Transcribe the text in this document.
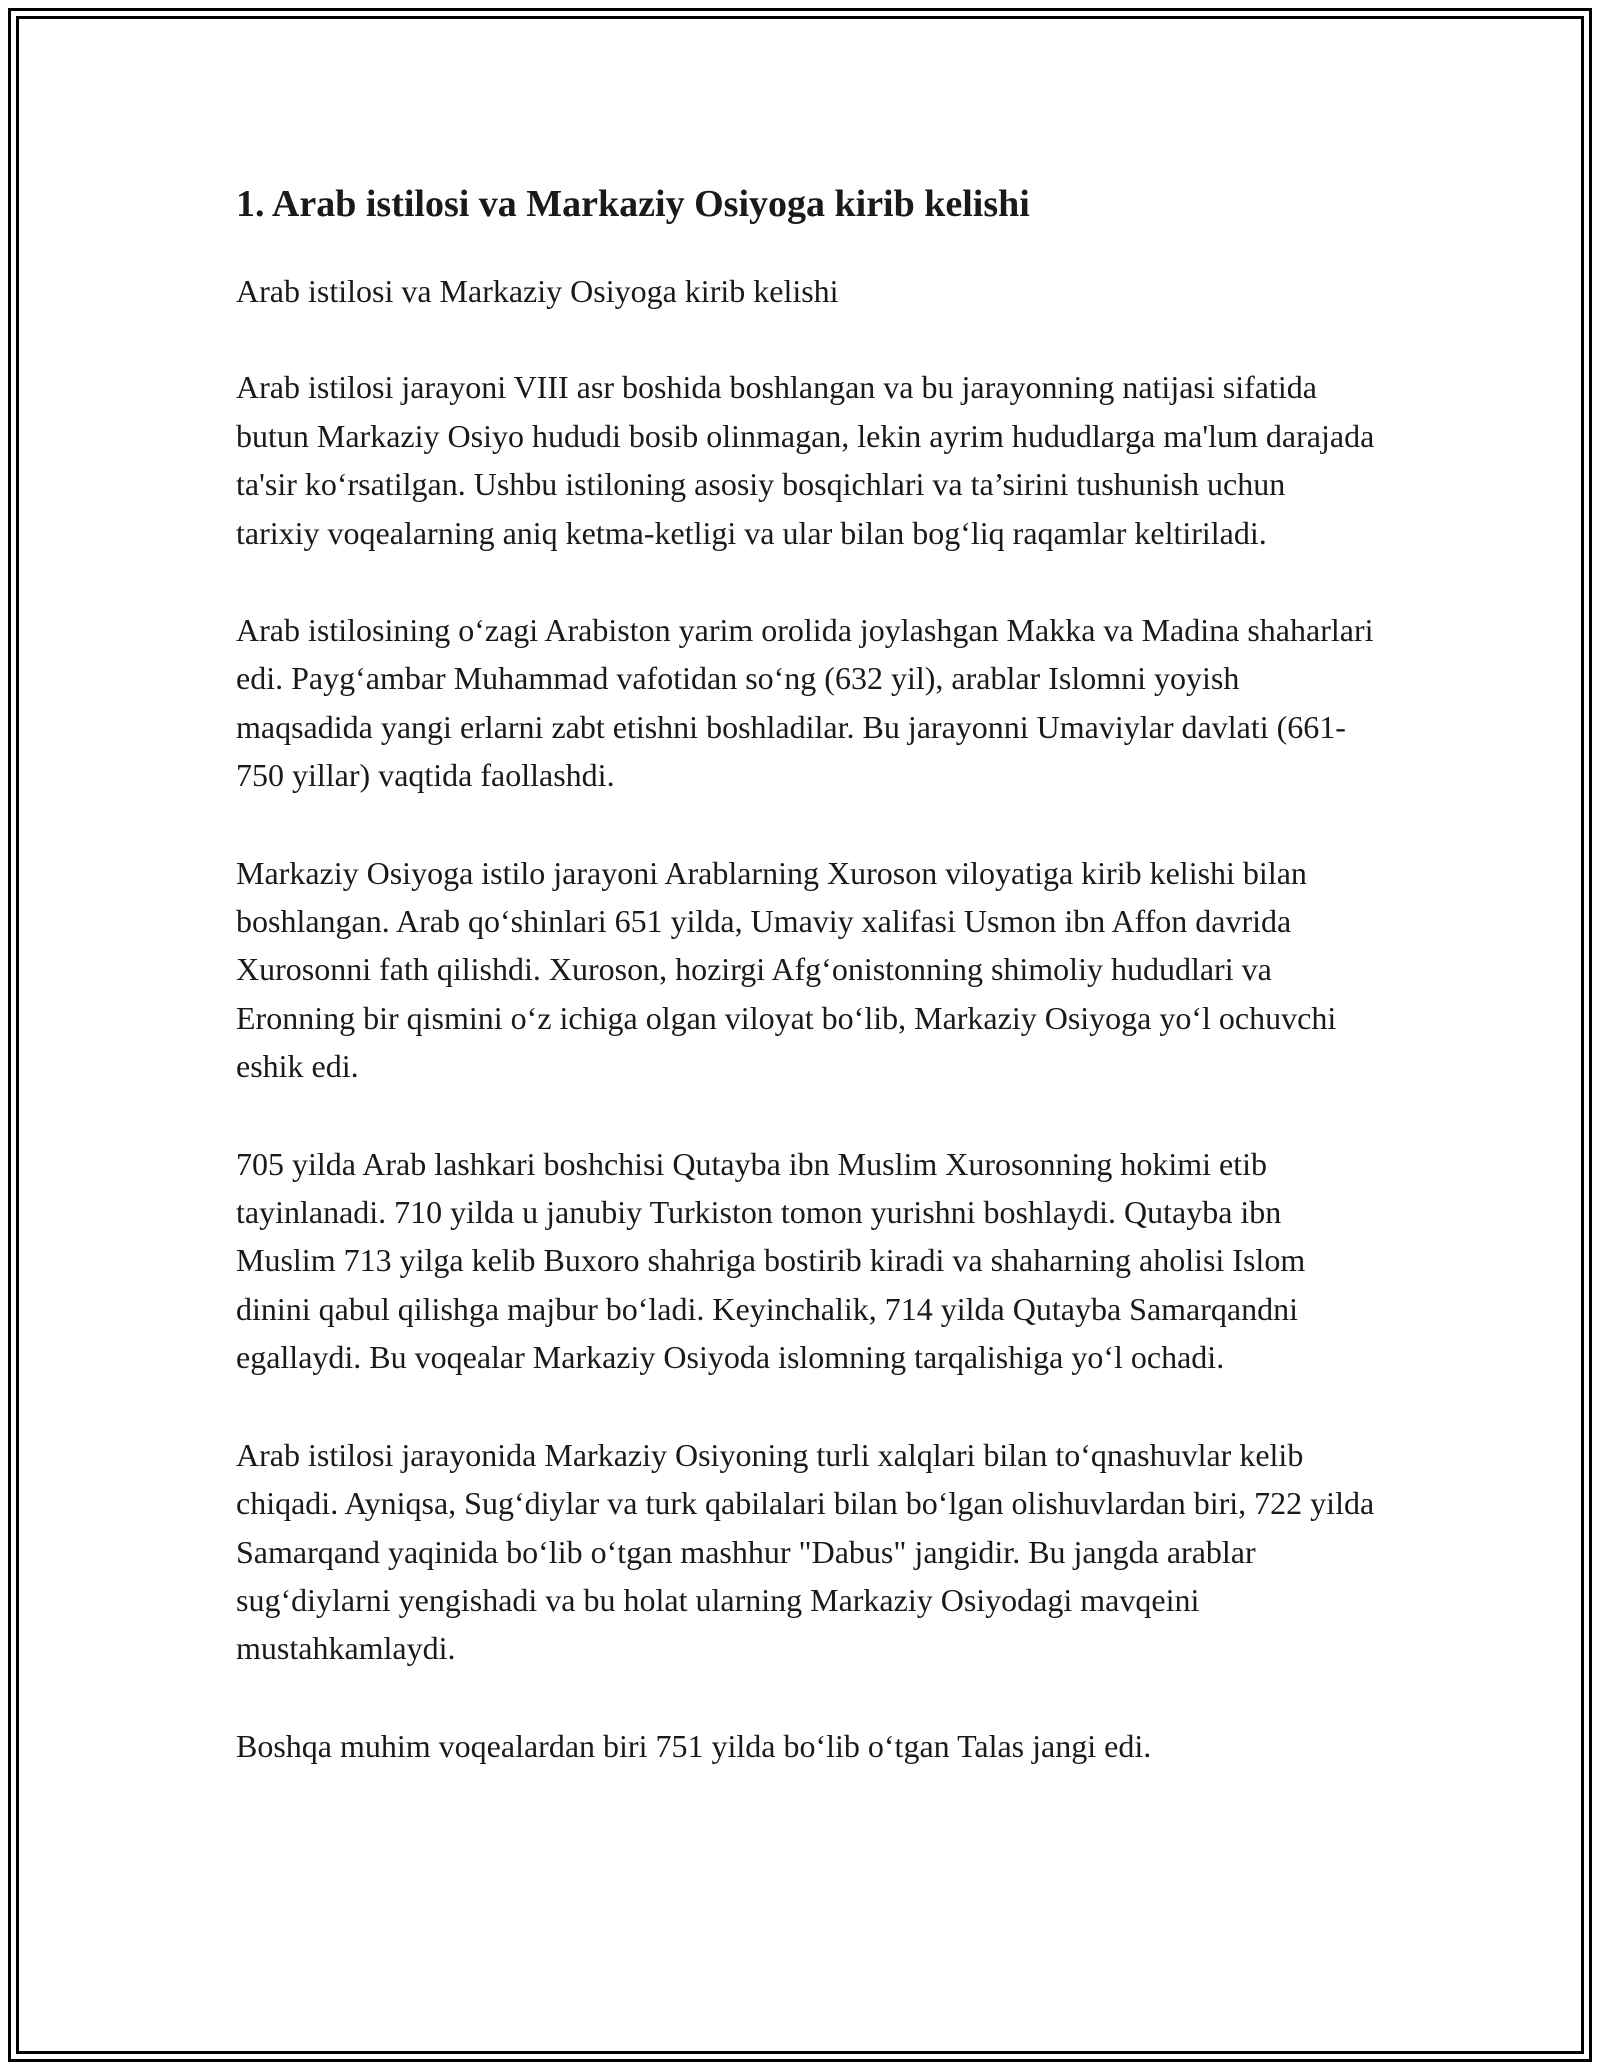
1. Arab istilosi va Markaziy Osiyoga kirib kelishi

Arab istilosi va Markaziy Osiyoga kirib kelishi

Arab istilosi jarayoni VIII asr boshida boshlangan va bu jarayonning natijasi sifatida butun Markaziy Osiyo hududi bosib olinmagan, lekin ayrim hududlarga ma'lum darajada ta'sir ko‘rsatilgan. Ushbu istiloning asosiy bosqichlari va ta’sirini tushunish uchun tarixiy voqealarning aniq ketma-ketligi va ular bilan bog‘liq raqamlar keltiriladi.

Arab istilosining o‘zagi Arabiston yarim orolida joylashgan Makka va Madina shaharlari edi. Payg‘ambar Muhammad vafotidan so‘ng (632 yil), arablar Islomni yoyish maqsadida yangi erlarni zabt etishni boshladilar. Bu jarayonni Umaviylar davlati (661-750 yillar) vaqtida faollashdi.

Markaziy Osiyoga istilo jarayoni Arablarning Xuroson viloyatiga kirib kelishi bilan boshlangan. Arab qo‘shinlari 651 yilda, Umaviy xalifasi Usmon ibn Affon davrida Xurosonni fath qilishdi. Xuroson, hozirgi Afg‘onistonning shimoliy hududlari va Eronning bir qismini o‘z ichiga olgan viloyat bo‘lib, Markaziy Osiyoga yo‘l ochuvchi eshik edi.

705 yilda Arab lashkari boshchisi Qutayba ibn Muslim Xurosonning hokimi etib tayinlanadi. 710 yilda u janubiy Turkiston tomon yurishni boshlaydi. Qutayba ibn Muslim 713 yilga kelib Buxoro shahriga bostirib kiradi va shaharning aholisi Islom dinini qabul qilishga majbur bo‘ladi. Keyinchalik, 714 yilda Qutayba Samarqandni egallaydi. Bu voqealar Markaziy Osiyoda islomning tarqalishiga yo‘l ochadi.

Arab istilosi jarayonida Markaziy Osiyoning turli xalqlari bilan to‘qnashuvlar kelib chiqadi. Ayniqsa, Sug‘diylar va turk qabilalari bilan bo‘lgan olishuvlardan biri, 722 yilda Samarqand yaqinida bo‘lib o‘tgan mashhur "Dabus" jangidir. Bu jangda arablar sug‘diylarni yengishadi va bu holat ularning Markaziy Osiyodagi mavqeini mustahkamlaydi.

Boshqa muhim voqealardan biri 751 yilda bo‘lib o‘tgan Talas jangi edi.
